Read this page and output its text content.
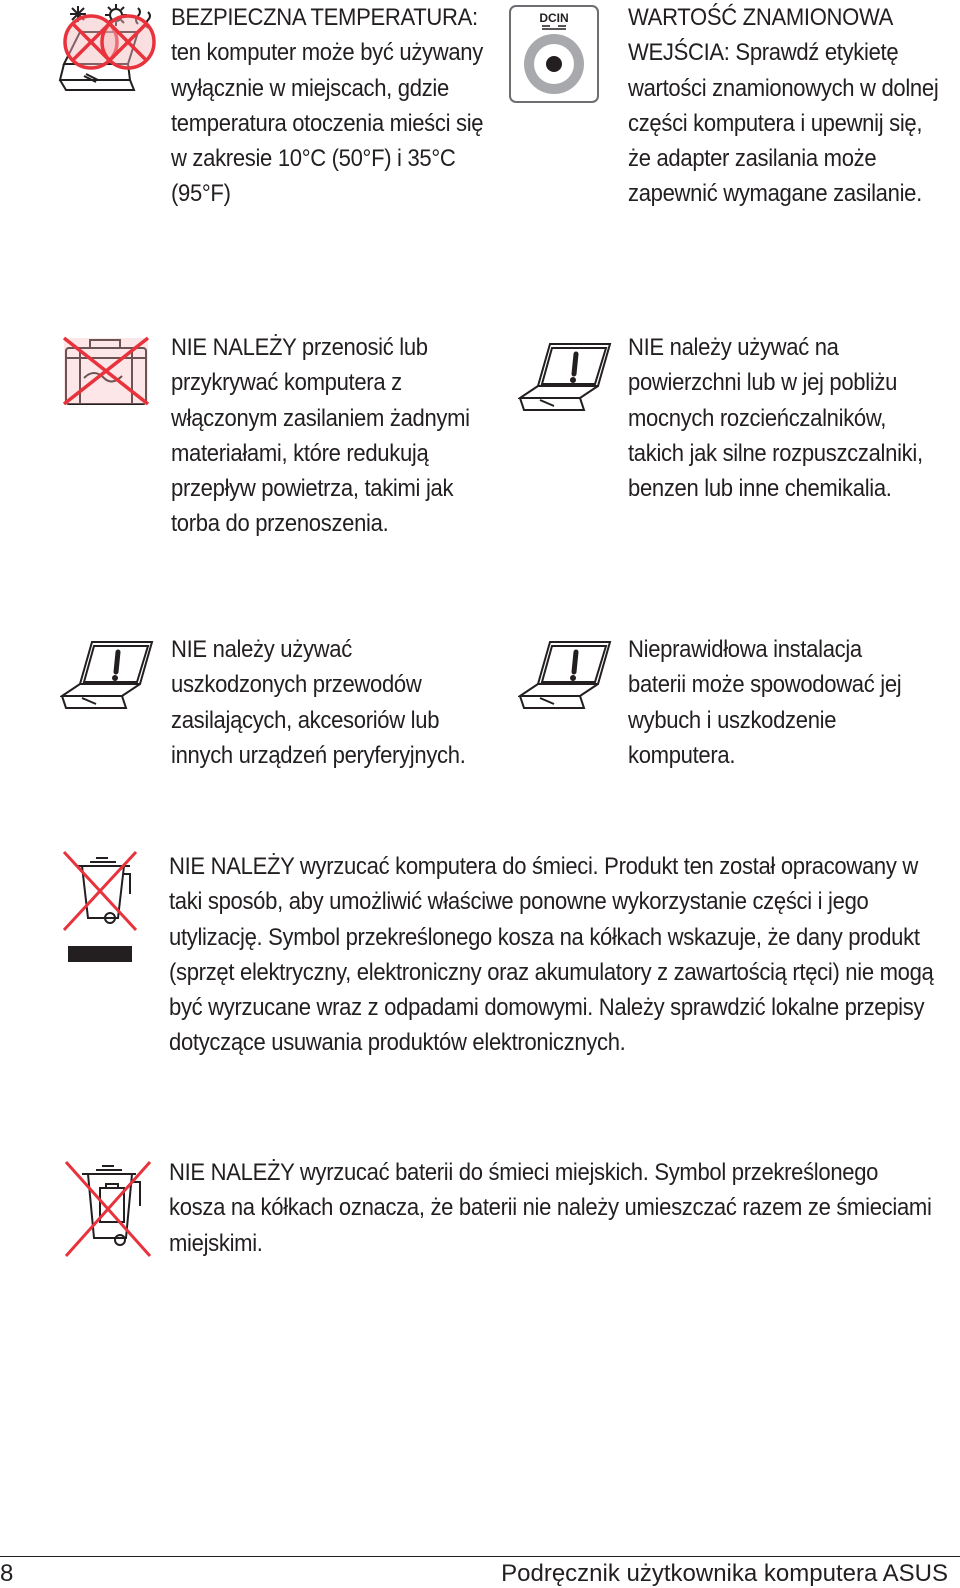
BEZPIECZNA TEMPERATURA: ten komputer może być używany wyłącznie w miejscach, gdzie temperatura otoczenia mieści się w zakresie 10°C (50°F) i 35°C (95°F)

DCIN WARTOŚĆ ZNAMIONOWA WEJŚCIA: Sprawdź etykietę wartości znamionowych w dolnej części komputera i upewnij się, że adapter zasilania może zapewnić wymagane zasilanie.

NIE NALEŻY przenosić lub przykrywać komputera z włączonym zasilaniem żadnymi materiałami, które redukują przepływ powietrza, takimi jak torba do przenoszenia.

NIE należy używać na powierzchni lub w jej pobliżu mocnych rozcieńczalników, takich jak silne rozpuszczalniki, benzen lub inne chemikalia.

NIE należy używać uszkodzonych przewodów zasilających, akcesoriów lub innych urządzeń peryferyjnych.

Nieprawidłowa instalacja baterii może spowodować jej wybuch i uszkodzenie komputera.

NIE NALEŻY wyrzucać komputera do śmieci. Produkt ten został opracowany w taki sposób, aby umożliwić właściwe ponowne wykorzystanie części i jego utylizację. Symbol przekreślonego kosza na kółkach wskazuje, że dany produkt (sprzęt elektryczny, elektroniczny oraz akumulatory z zawartością rtęci) nie mogą być wyrzucane wraz z odpadami domowymi. Należy sprawdzić lokalne przepisy dotyczące usuwania produktów elektronicznych.

NIE NALEŻY wyrzucać baterii do śmieci miejskich. Symbol przekreślonego kosza na kółkach oznacza, że baterii nie należy umieszczać razem ze śmieciami miejskimi.

8	Podręcznik użytkownika komputera ASUS
